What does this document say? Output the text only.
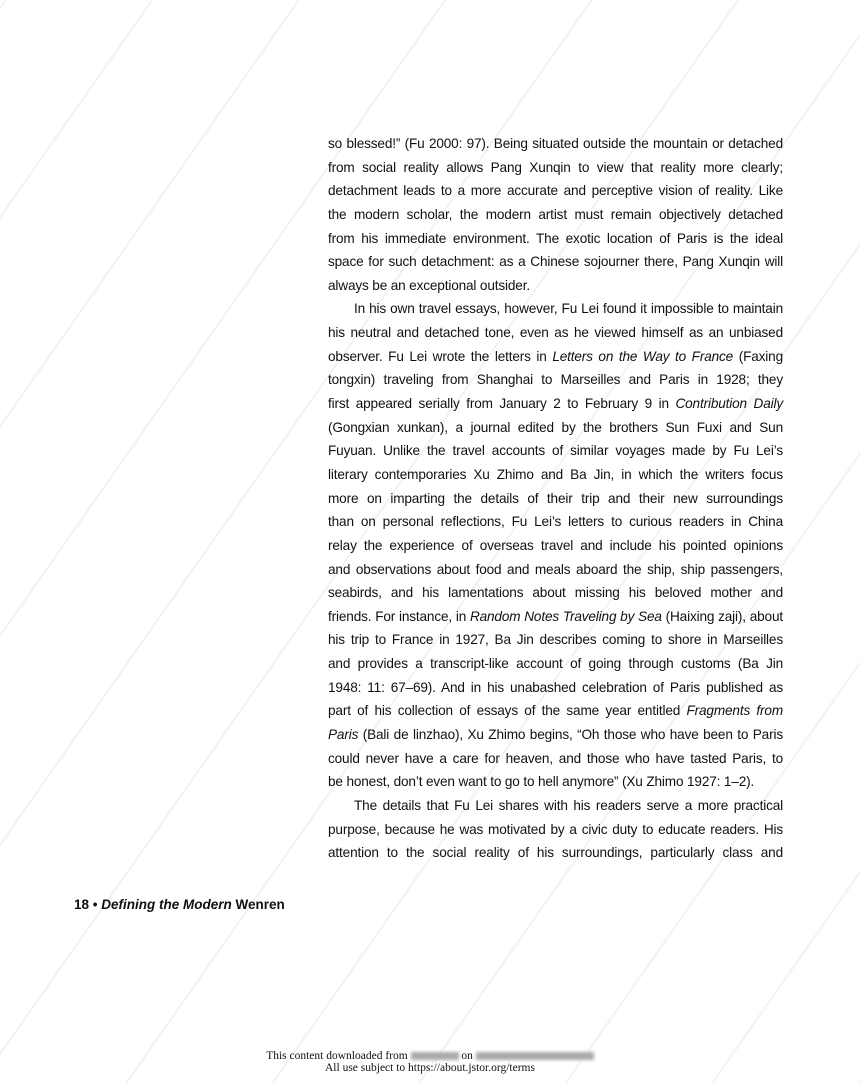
so blessed!” (Fu 2000: 97). Being situated outside the mountain or detached
from social reality allows Pang Xunqin to view that reality more clearly;
detachment leads to a more accurate and perceptive vision of reality. Like
the modern scholar, the modern artist must remain objectively detached
from his immediate environment. The exotic location of Paris is the ideal
space for such detachment: as a Chinese sojourner there, Pang Xunqin will
always be an exceptional outsider.
In his own travel essays, however, Fu Lei found it impossible to maintain
his neutral and detached tone, even as he viewed himself as an unbiased
observer. Fu Lei wrote the letters in Letters on the Way to France (Faxing
tongxin) traveling from Shanghai to Marseilles and Paris in 1928; they
first appeared serially from January 2 to February 9 in Contribution Daily
(Gongxian xunkan), a journal edited by the brothers Sun Fuxi and Sun
Fuyuan. Unlike the travel accounts of similar voyages made by Fu Lei’s
literary contemporaries Xu Zhimo and Ba Jin, in which the writers focus
more on imparting the details of their trip and their new surroundings
than on personal reflections, Fu Lei’s letters to curious readers in China
relay the experience of overseas travel and include his pointed opinions
and observations about food and meals aboard the ship, ship passengers,
seabirds, and his lamentations about missing his beloved mother and
friends. For instance, in Random Notes Traveling by Sea (Haixing zaji), about
his trip to France in 1927, Ba Jin describes coming to shore in Marseilles
and provides a transcript-like account of going through customs (Ba Jin
1948: 11: 67–69). And in his unabashed celebration of Paris published as
part of his collection of essays of the same year entitled Fragments from
Paris (Bali de linzhao), Xu Zhimo begins, “Oh those who have been to Paris
could never have a care for heaven, and those who have tasted Paris, to
be honest, don’t even want to go to hell anymore” (Xu Zhimo 1927: 1–2).
The details that Fu Lei shares with his readers serve a more practical
purpose, because he was motivated by a civic duty to educate readers. His
attention to the social reality of his surroundings, particularly class and
18 • Defining the Modern Wenren
This content downloaded from	on
All use subject to https://about.jstor.org/terms
